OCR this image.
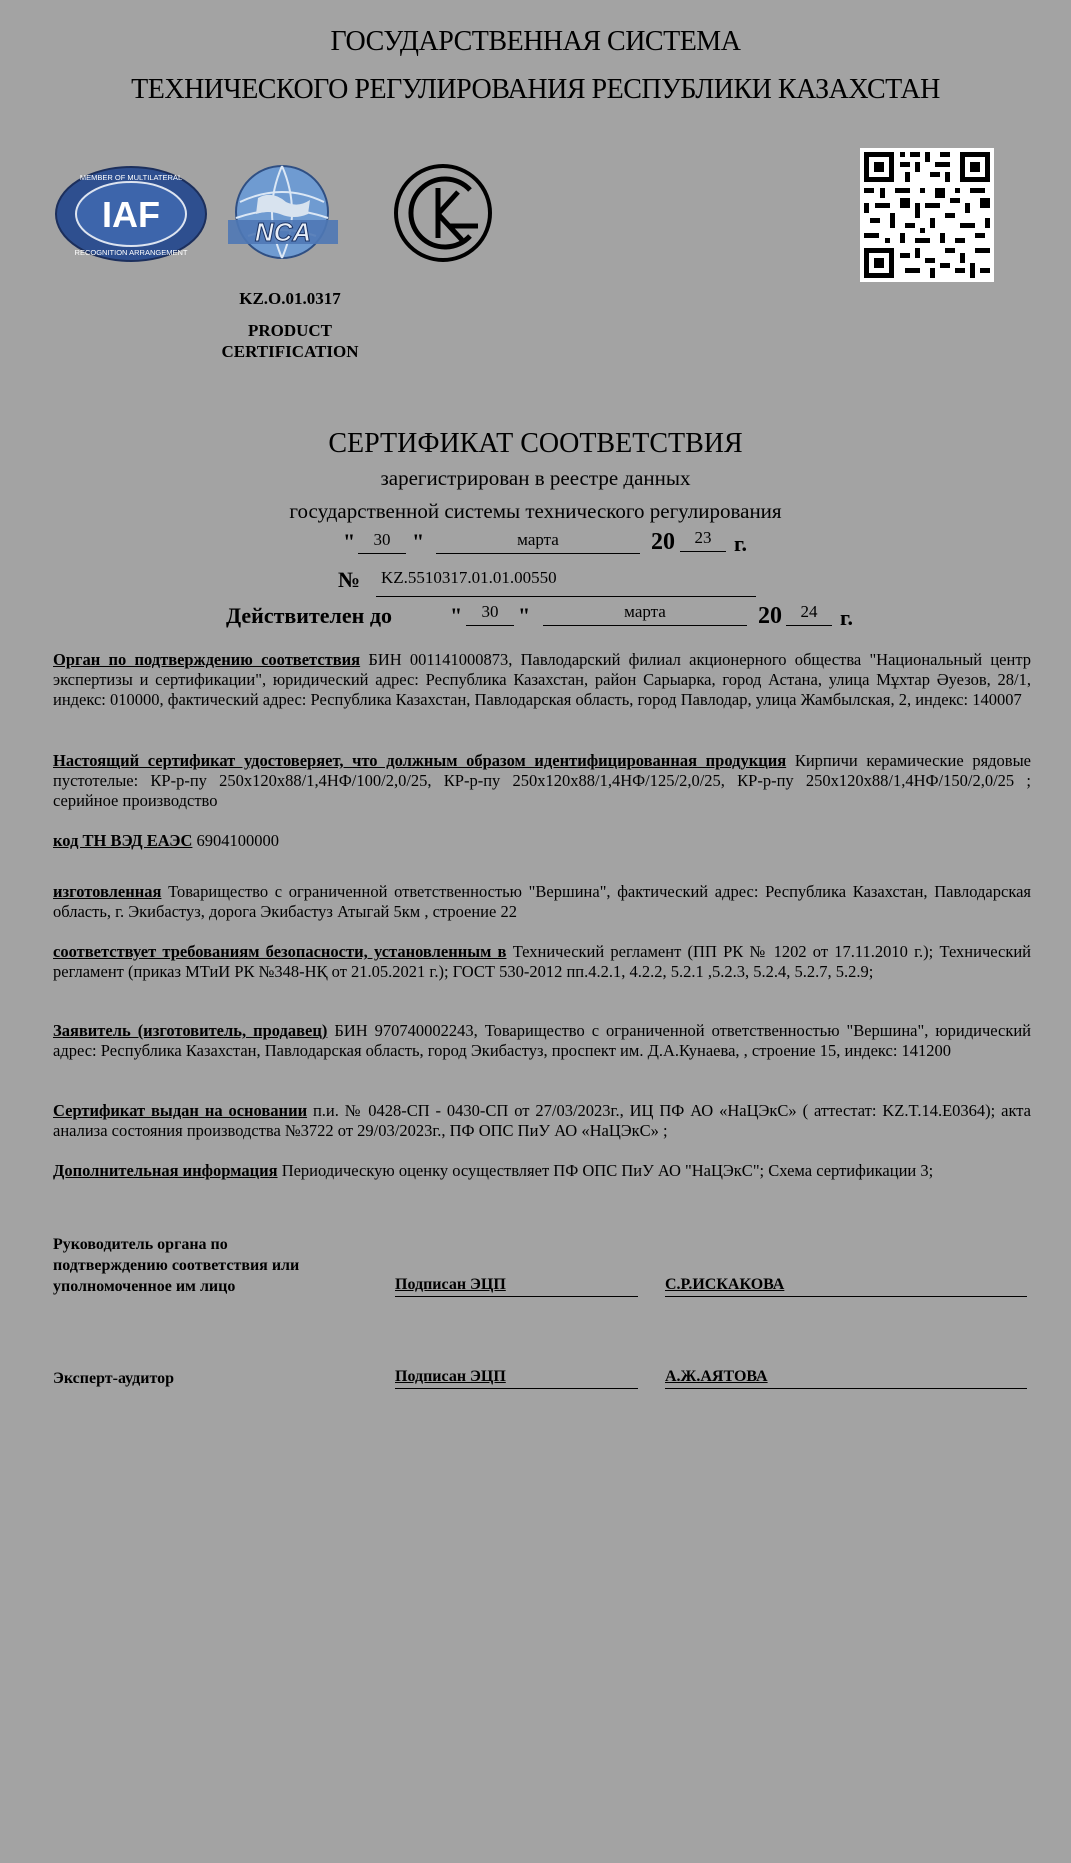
ГОСУДАРСТВЕННАЯ СИСТЕМА
ТЕХНИЧЕСКОГО РЕГУЛИРОВАНИЯ РЕСПУБЛИКИ КАЗАХСТАН
IAF
MEMBER OF MULTILATERAL
RECOGNITION ARRANGEMENT
NCA
KZ.O.01.0317
PRODUCT
CERTIFICATION
СЕРТИФИКАТ СООТВЕТСТВИЯ
зарегистрирован в реестре данных
государственной системы технического регулирования
"	30 "	марта	20	23	г.
№ KZ.5510317.01.01.00550
Действителен до	"	30 "	марта	20	24	г.
Орган по подтверждению соответствия БИН 001141000873, Павлодарский филиал акционерного общества "Национальный центр экспертизы и сертификации", юридический адрес: Республика Казахстан, район Сарыарка, город Астана, улица Мұхтар Әуезов, 28/1, индекс: 010000, фактический адрес: Республика Казахстан, Павлодарская область, город Павлодар, улица Жамбылская, 2, индекс: 140007
Настоящий сертификат удостоверяет, что должным образом идентифицированная продукция Кирпичи керамические рядовые пустотелые: КР-р-пу 250х120х88/1,4НФ/100/2,0/25, КР-р-пу 250х120х88/1,4НФ/125/2,0/25, КР-р-пу 250х120х88/1,4НФ/150/2,0/25 ; серийное производство
код ТН ВЭД ЕАЭС 6904100000
изготовленная Товарищество с ограниченной ответственностью "Вершина", фактический адрес: Республика Казахстан, Павлодарская область, г. Экибастуз, дорога Экибастуз Атыгай 5км , строение 22
соответствует требованиям безопасности, установленным в Технический регламент (ПП РК № 1202 от 17.11.2010 г.); Технический регламент (приказ МТиИ РК №348-НҚ от 21.05.2021 г.); ГОСТ 530-2012 пп.4.2.1, 4.2.2, 5.2.1 ,5.2.3, 5.2.4, 5.2.7, 5.2.9;
Заявитель (изготовитель, продавец) БИН 970740002243, Товарищество с ограниченной ответственностью "Вершина", юридический адрес: Республика Казахстан, Павлодарская область, город Экибастуз, проспект им. Д.А.Кунаева, , строение 15, индекс: 141200
Сертификат выдан на основании п.и. № 0428-СП - 0430-СП от 27/03/2023г., ИЦ ПФ АО «НаЦЭкС» ( аттестат: KZ.T.14.E0364); акта анализа состояния производства №3722 от 29/03/2023г., ПФ ОПС ПиУ АО «НаЦЭкС» ;
Дополнительная информация Периодическую оценку осуществляет ПФ ОПС ПиУ АО "НаЦЭкС"; Схема сертификации 3;
Руководитель органа по
подтверждению соответствия или
уполномоченное им лицо	Подписан ЭЦП	С.Р.ИСКАКОВА
Эксперт-аудитор	Подписан ЭЦП	А.Ж.АЯТОВА
